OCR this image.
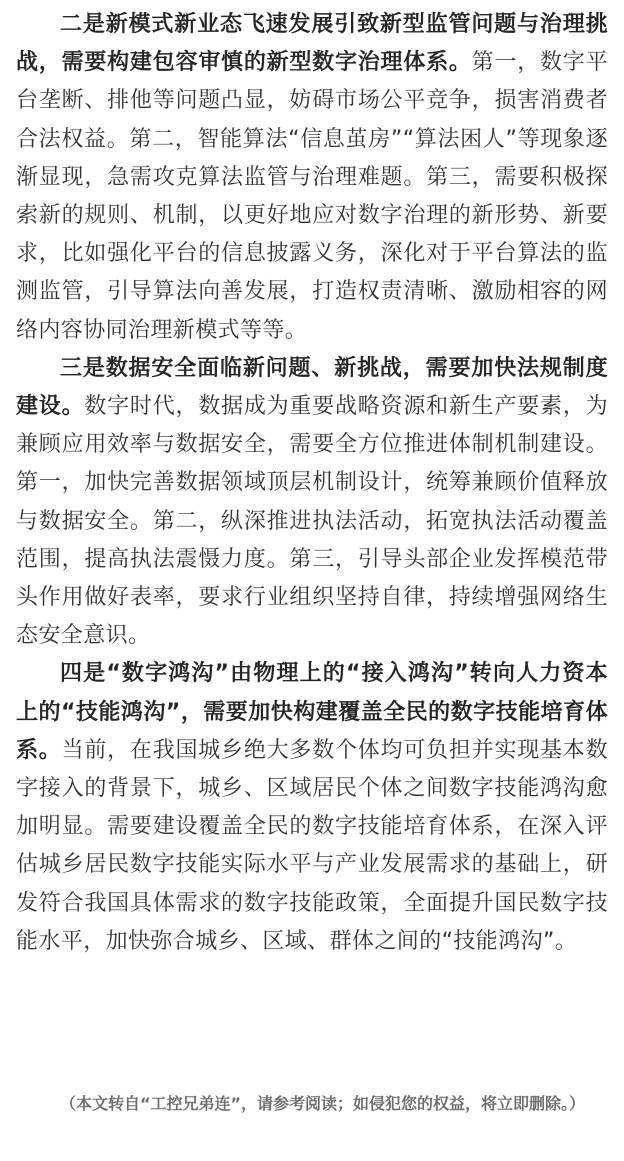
二是新模式新业态飞速发展引致新型监管问题与治理挑战，需要构建包容审慎的新型数字治理体系。第一，数字平台垄断、排他等问题凸显，妨碍市场公平竞争，损害消费者合法权益。第二，智能算法“信息茧房”“算法困人”等现象逐渐显现，急需攻克算法监管与治理难题。第三，需要积极探索新的规则、机制，以更好地应对数字治理的新形势、新要求，比如强化平台的信息披露义务，深化对于平台算法的监测监管，引导算法向善发展，打造权责清晰、激励相容的网络内容协同治理新模式等等。

三是数据安全面临新问题、新挑战，需要加快法规制度建设。数字时代，数据成为重要战略资源和新生产要素，为兼顾应用效率与数据安全，需要全方位推进体制机制建设。第一，加快完善数据领域顶层机制设计，统筹兼顾价值释放与数据安全。第二，纵深推进执法活动，拓宽执法活动覆盖范围，提高执法震慑力度。第三，引导头部企业发挥模范带头作用做好表率，要求行业组织坚持自律，持续增强网络生态安全意识。

四是“数字鸿沟”由物理上的“接入鸿沟”转向人力资本上的“技能鸿沟”，需要加快构建覆盖全民的数字技能培育体系。当前，在我国城乡绝大多数个体均可负担并实现基本数字接入的背景下，城乡、区域居民个体之间数字技能鸿沟愈加明显。需要建设覆盖全民的数字技能培育体系，在深入评估城乡居民数字技能实际水平与产业发展需求的基础上，研发符合我国具体需求的数字技能政策，全面提升国民数字技能水平，加快弥合城乡、区域、群体之间的“技能鸿沟”。

（本文转自“工控兄弟连”，请参考阅读；如侵犯您的权益，将立即删除。）
